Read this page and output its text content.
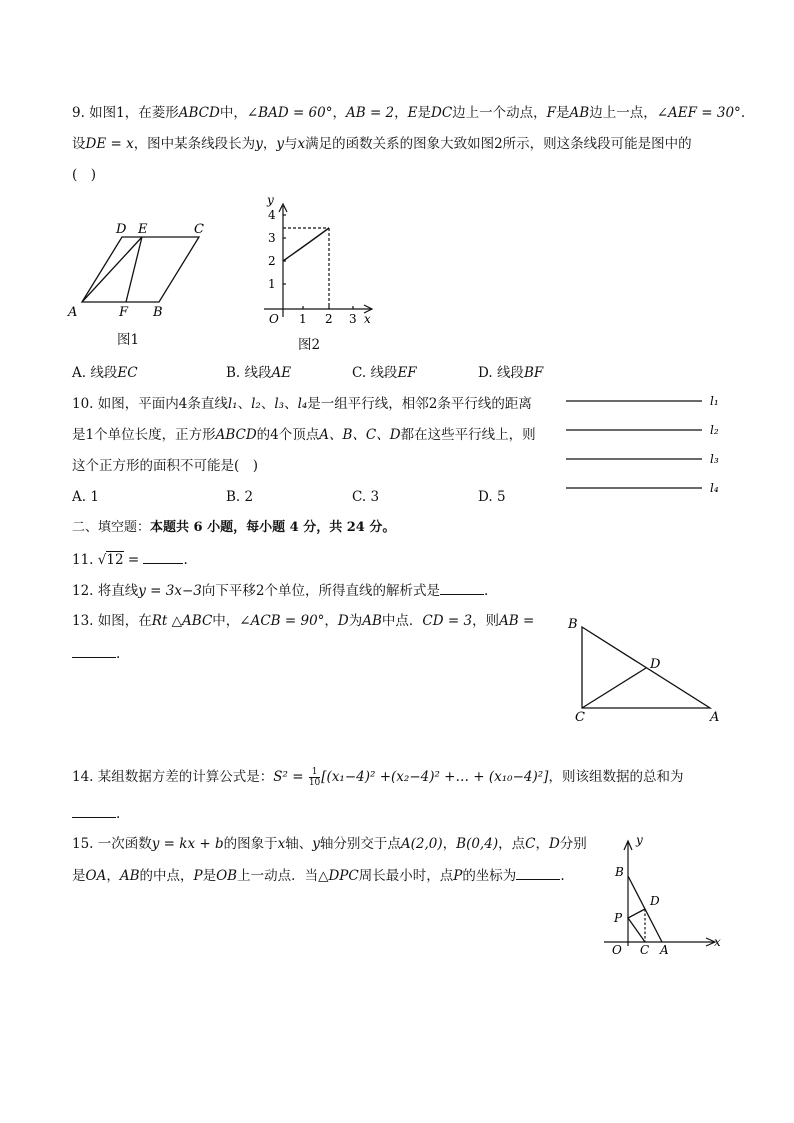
9. 如图1，在菱形ABCD中，∠BAD = 60°，AB = 2，E是DC边上一个动点，F是AB边上一点，∠AEF = 30°.
设DE = x，图中某条线段长为y，y与x满足的函数关系的图象大致如图2所示，则这条线段可能是图中的
(　)
A
D E	C
F B
图1
y
4
3
2
1
O 1 2 3 x
图2
A. 线段EC	B. 线段AE	C. 线段EF	D. 线段BF
10. 如图，平面内4条直线l₁、l₂、l₃、l₄是一组平行线，相邻2条平行线的距离
是1个单位长度，正方形ABCD的4个顶点A、B、C、D都在这些平行线上，则
这个正方形的面积不可能是(　)
l₁
l₂
l₃
l₄
A. 1	B. 2	C. 3	D. 5
二、填空题：本题共 6 小题，每小题 4 分，共 24 分。
11. √12 =	.
12. 将直线y = 3x−3向下平移2个单位，所得直线的解析式是	.
13. 如图，在Rt △ABC中，∠ACB = 90°，D为AB中点．CD = 3，则AB =
.
B
D
C	A
14. 某组数据方差的计算公式是：$S^2 = \frac{1}{10} [(x_1-4)^2 +(x_2-4)^2$ +… + (x₁₀−4)²]，则该组数据的总和为
.
15. 一次函数y = kx + b的图象于x轴、y轴分别交于点A(2,0)，B(0,4)，点C，D分别
是OA，AB的中点，P是OB上一动点．当△DPC周长最小时，点P的坐标为	.
y
B
D
P
O C A
x
